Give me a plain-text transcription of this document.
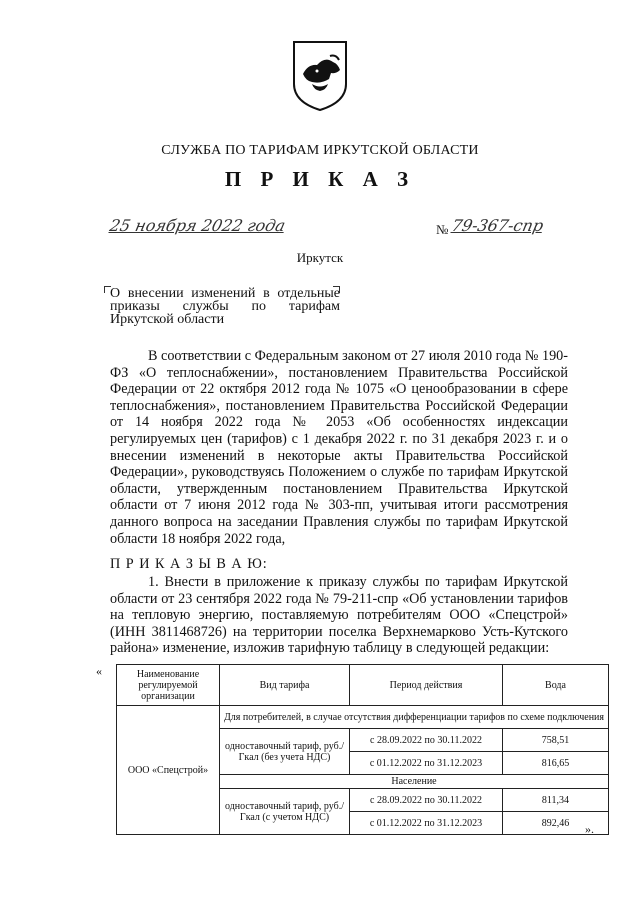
СЛУЖБА ПО ТАРИФАМ ИРКУТСКОЙ ОБЛАСТИ
П Р И К А З
25 ноября 2022 года	№ 79-367-спр
Иркутск
О внесении изменений в отдельные приказы службы по тарифам Иркутской области

В соответствии с Федеральным законом от 27 июля 2010 года № 190-ФЗ «О теплоснабжении», постановлением Правительства Российской Федерации от 22 октября 2012 года № 1075 «О ценообразовании в сфере теплоснабжения», постановлением Правительства Российской Федерации от 14 ноября 2022 года № 2053 «Об особенностях индексации регулируемых цен (тарифов) с 1 декабря 2022 г. по 31 декабря 2023 г. и о внесении изменений в некоторые акты Правительства Российской Федерации», руководствуясь Положением о службе по тарифам Иркутской области, утвержденным постановлением Правительства Иркутской области от 7 июня 2012 года № 303-пп, учитывая итоги рассмотрения данного вопроса на заседании Правления службы по тарифам Иркутской области 18 ноября 2022 года,

П Р И К А З Ы В А Ю:

1. Внести в приложение к приказу службы по тарифам Иркутской области от 23 сентября 2022 года № 79-211-спр «Об установлении тарифов на тепловую энергию, поставляемую потребителям ООО «Спецстрой» (ИНН 3811468726) на территории поселка Верхнемарково Усть-Кутского района» изменение, изложив тарифную таблицу в следующей редакции:

«	Наименование регулируемой организации	Вид тарифа	Период действия	Вода
ООО «Спецстрой»	Для потребителей, в случае отсутствия дифференциации тарифов по схеме подключения		
	одноставочный тариф, руб./Гкал (без учета НДС)	с 28.09.2022 по 30.11.2022	758,51
		с 01.12.2022 по 31.12.2023	816,65
	Население		
	одноставочный тариф, руб./Гкал (с учетом НДС)	с 28.09.2022 по 30.11.2022	811,34
		с 01.12.2022 по 31.12.2023	892,46 ».
